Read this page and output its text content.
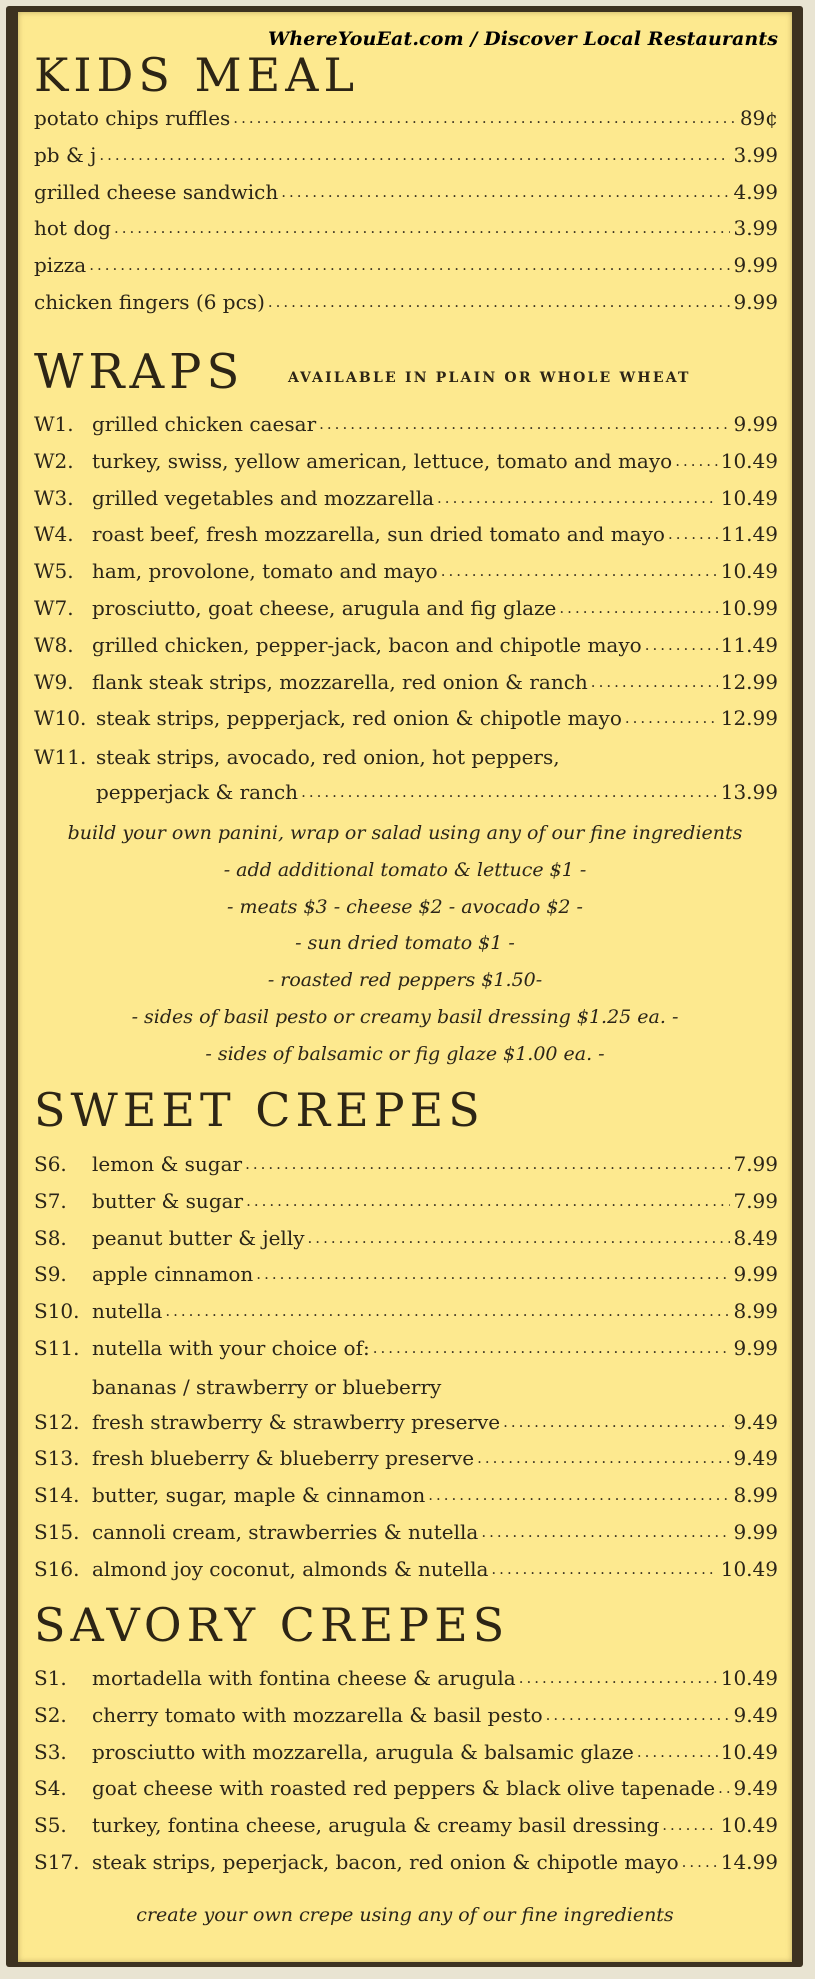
WhereYouEat.com / Discover Local Restaurants
KIDS MEAL
potato chips ruffles .....	89¢
pb & j .....	3.99
grilled cheese sandwich .....	4.99
hot dog .....	3.99
pizza .....	9.99
chicken fingers (6 pcs) .....	9.99
WRAPS	AVAILABLE IN PLAIN OR WHOLE WHEAT
W1. grilled chicken caesar .....	9.99
W2. turkey, swiss, yellow american, lettuce, tomato and mayo ..... 10.49
W3. grilled vegetables and mozzarella .....	10.49
W4. roast beef, fresh mozzarella, sun dried tomato and mayo .....	11.49
W5. ham, provolone, tomato and mayo .....	10.49
W7. prosciutto, goat cheese, arugula and fig glaze .....	10.99
W8. grilled chicken, pepper-jack, bacon and chipotle mayo .....	11.49
W9. flank steak strips, mozzarella, red onion & ranch .....	12.99
W10. steak strips, pepperjack, red onion & chipotle mayo .....	12.99
W11. steak strips, avocado, red onion, hot peppers,
pepperjack & ranch .....	13.99
build your own panini, wrap or salad using any of our fine ingredients
- add additional tomato & lettuce $1 -
- meats $3 - cheese $2 - avocado $2 -
- sun dried tomato $1 -
- roasted red peppers $1.50-
- sides of basil pesto or creamy basil dressing $1.25 ea. -
- sides of balsamic or fig glaze $1.00 ea. -
SWEET CREPES
S6.	lemon & sugar .....	7.99
S7.	butter & sugar .....	7.99
S8.	peanut butter & jelly .....	8.49
S9.	apple cinnamon .....	9.99
S10. nutella .....	8.99
S11. nutella with your choice of: .....	9.99
bananas / strawberry or blueberry
S12. fresh strawberry & strawberry preserve .....	9.49
S13. fresh blueberry & blueberry preserve .....	9.49
S14. butter, sugar, maple & cinnamon .....	8.99
S15. cannoli cream, strawberries & nutella .....	9.99
S16. almond joy coconut, almonds & nutella .....	10.49
SAVORY CREPES
S1.	mortadella with fontina cheese & arugula .....	10.49
S2.	cherry tomato with mozzarella & basil pesto .....	9.49
S3.	prosciutto with mozzarella, arugula & balsamic glaze .....	10.49
S4.	goat cheese with roasted red peppers & black olive tapenade ..... 9.49
S5.	turkey, fontina cheese, arugula & creamy basil dressing .....	10.49
S17. steak strips, peperjack, bacon, red onion & chipotle mayo ..... 14.99
create your own crepe using any of our fine ingredients
